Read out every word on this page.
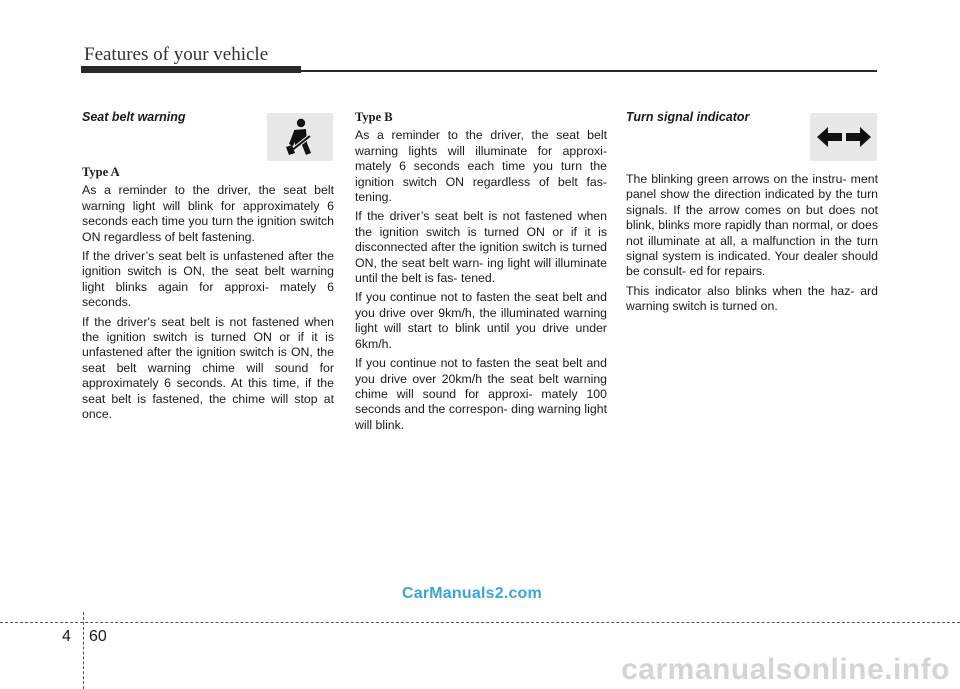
Features of your vehicle
Seat belt warning
Type A

As a reminder to the driver, the seat belt warning light will blink for approximately 6 seconds each time you turn the ignition switch ON regardless of belt fastening.

If the driver’s seat belt is unfastened after the ignition switch is ON, the seat belt warning light blinks again for approxi- mately 6 seconds.

If the driver's seat belt is not fastened when the ignition switch is turned ON or if it is unfastened after the ignition switch is ON, the seat belt warning chime will sound for approximately 6 seconds. At this time, if the seat belt is fastened, the chime will stop at once.

Type B

As a reminder to the driver, the seat belt warning lights will illuminate for approxi- mately 6 seconds each time you turn the ignition switch ON regardless of belt fas- tening.

If the driver’s seat belt is not fastened when the ignition switch is turned ON or if it is disconnected after the ignition switch is turned ON, the seat belt warn- ing light will illuminate until the belt is fas- tened.

If you continue not to fasten the seat belt and you drive over 9km/h, the illuminated warning light will start to blink until you drive under 6km/h.

If you continue not to fasten the seat belt and you drive over 20km/h the seat belt warning chime will sound for approxi- mately 100 seconds and the correspon- ding warning light will blink.

Turn signal indicator

The blinking green arrows on the instru- ment panel show the direction indicated by the turn signals. If the arrow comes on but does not blink, blinks more rapidly than normal, or does not illuminate at all, a malfunction in the turn signal system is indicated. Your dealer should be consult- ed for repairs.

This indicator also blinks when the haz- ard warning switch is turned on.

4 60
CarManuals2.com
carmanualsonline.info
